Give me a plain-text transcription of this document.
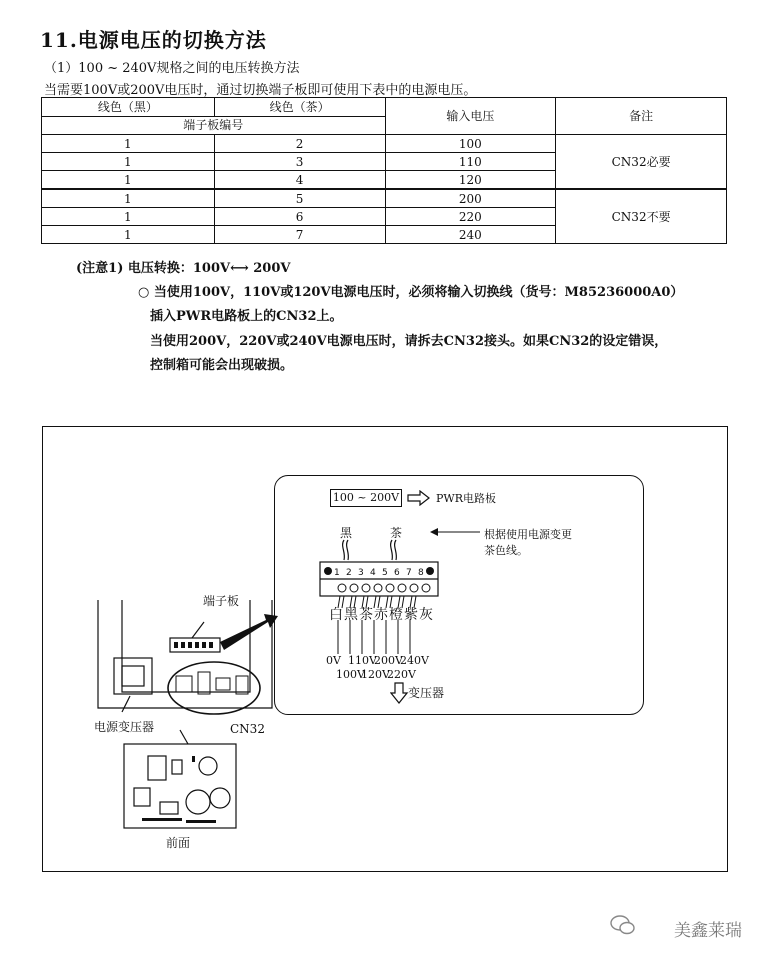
11.电源电压的切换方法
（1）100 ~ 240V规格之间的电压转换方法
当需要100V或200V电压时，通过切换端子板即可使用下表中的电源电压。
线色（黑）	线色（茶）	输入电压	备注
端子板编号			
1	2	100	CN32必要
1	3	110	
1	4	120	
1	5	200	CN32不要
1	6	220	
1	7	240	
(注意1) 电压转换：100V⟷ 200V
○ 当使用100V，110V或120V电源电压时，必须将输入切换线（货号：M85236000A0）
插入PWR电路板上的CN32上。
当使用200V，220V或240V电源电压时，请拆去CN32接头。如果CN32的设定错误，
控制箱可能会出现破损。
端子板
电源变压器	CN32
前面
100 ~ 200V	PWR电路板
黑	茶	根据使用电源变更
茶色线。
1 2 3 4 5 6 7 8
白黑茶赤橙紫灰
0V 110V
200V
240V
100V
120V
220V
变压器
美鑫莱瑞
